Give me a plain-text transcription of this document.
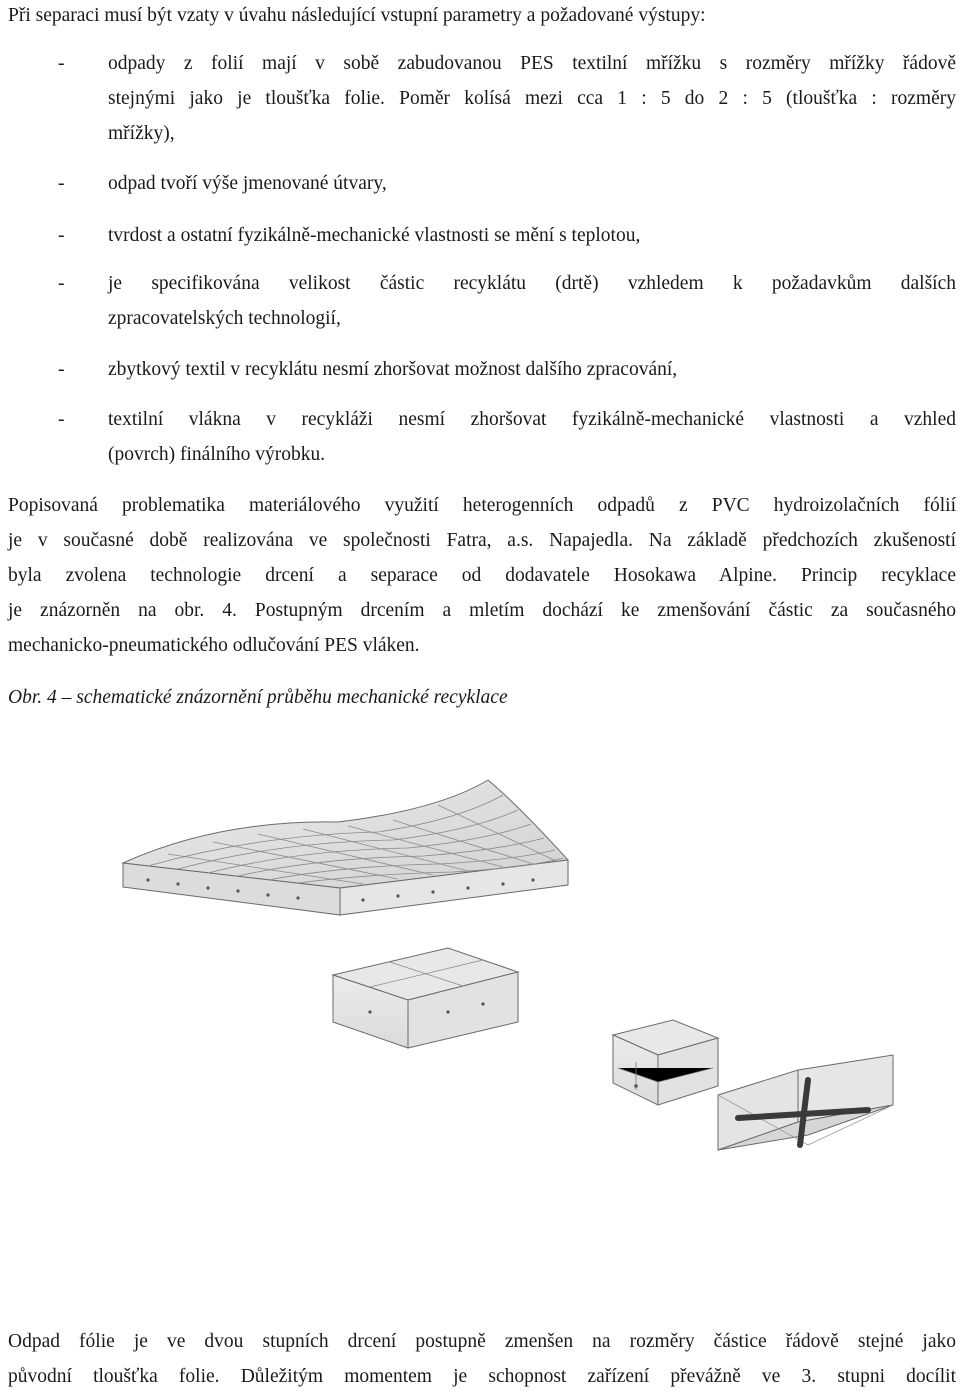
Při separaci musí být vzaty v úvahu následující vstupní parametry a požadované výstupy:
- odpady z folií mají v sobě zabudovanou PES textilní mřížku s rozměry mřížky řádově
stejnými jako je tloušťka folie. Poměr kolísá mezi cca 1 : 5 do 2 : 5 (tloušťka : rozměry
mřížky),
- odpad tvoří výše jmenované útvary,
- tvrdost a ostatní fyzikálně-mechanické vlastnosti se mění s teplotou,
- je specifikována velikost částic recyklátu (drtě) vzhledem k požadavkům dalších
zpracovatelských technologií,
- zbytkový textil v recyklátu nesmí zhoršovat možnost dalšího zpracování,
- textilní vlákna v recykláži nesmí zhoršovat fyzikálně-mechanické vlastnosti a vzhled
(povrch) finálního výrobku.
Popisovaná problematika materiálového využití heterogenních odpadů z PVC hydroizolačních fólií
je v současné době realizována ve společnosti Fatra, a.s. Napajedla. Na základě předchozích zkušeností
byla zvolena technologie drcení a separace od dodavatele Hosokawa Alpine. Princip recyklace
je znázorněn na obr. 4. Postupným drcením a mletím dochází ke zmenšování částic za současného
mechanicko-pneumatického odlučování PES vláken.
Obr. 4 – schematické znázornění průběhu mechanické recyklace
Odpad fólie je ve dvou stupních drcení postupně zmenšen na rozměry částice řádově stejné jako
původní tloušťka folie. Důležitým momentem je schopnost zařízení převážně ve 3. stupni docílit
